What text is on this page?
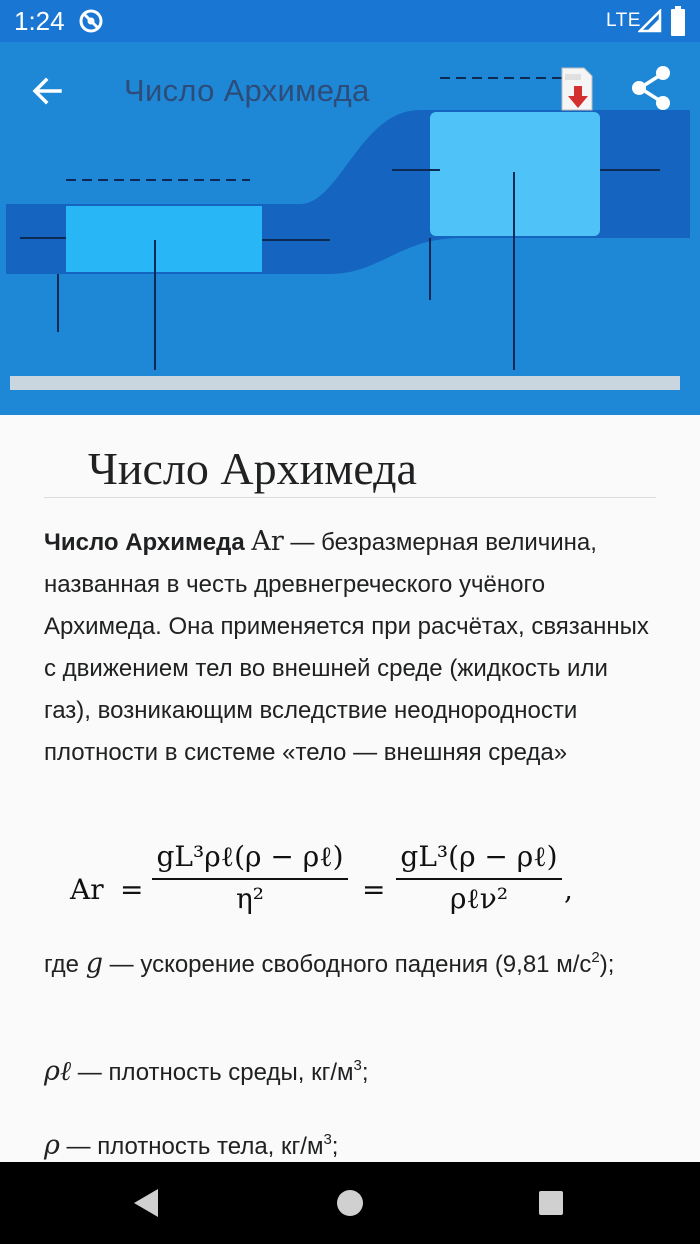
1:24	LTE
Число Архимеда
Число Архимеда

Число Архимеда Ar — безразмерная величина, названная в честь древнегреческого учёного Архимеда. Она применяется при расчётах, связанных с движением тел во внешней среде (жидкость или газ), возникающим вследствие неоднородности плотности в системе «тело — внешняя среда»

Ar =
gL³ρℓ(ρ − ρℓ)
η²	=
gL³(ρ − ρℓ)
ρℓν²	,

где g — ускорение свободного падения (9,81 $м/с^2$);

ρℓ — плотность среды, $кг/м^3$;

ρ — плотность тела, $кг/м^3$;
